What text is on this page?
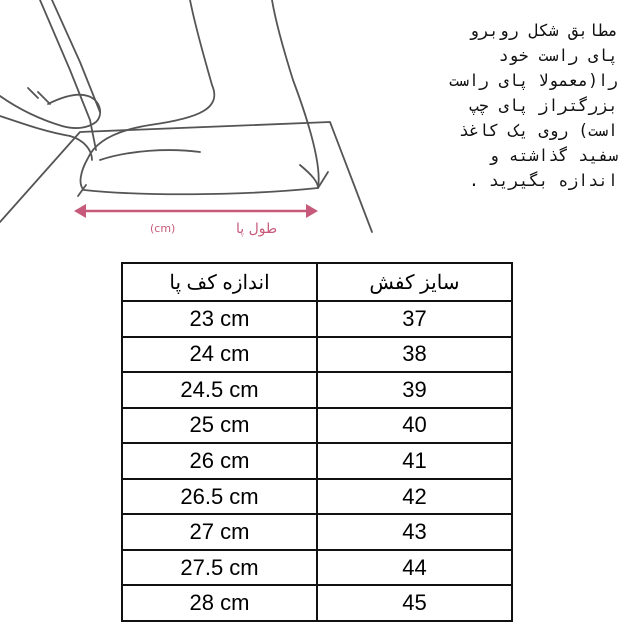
طول پا
(cm)
مطابق شکل روبرو
پای راست خود
را(معمولا پای راست
بزرگتراز پای چپ
است) روی یک کاغذ
سفید گذاشته و
اندازه بگیرید .
اندازه کف پا	سایز کفش
23 cm	37
24 cm	38
24.5 cm	39
25 cm	40
26 cm	41
26.5 cm	42
27 cm	43
27.5 cm	44
28 cm	45
